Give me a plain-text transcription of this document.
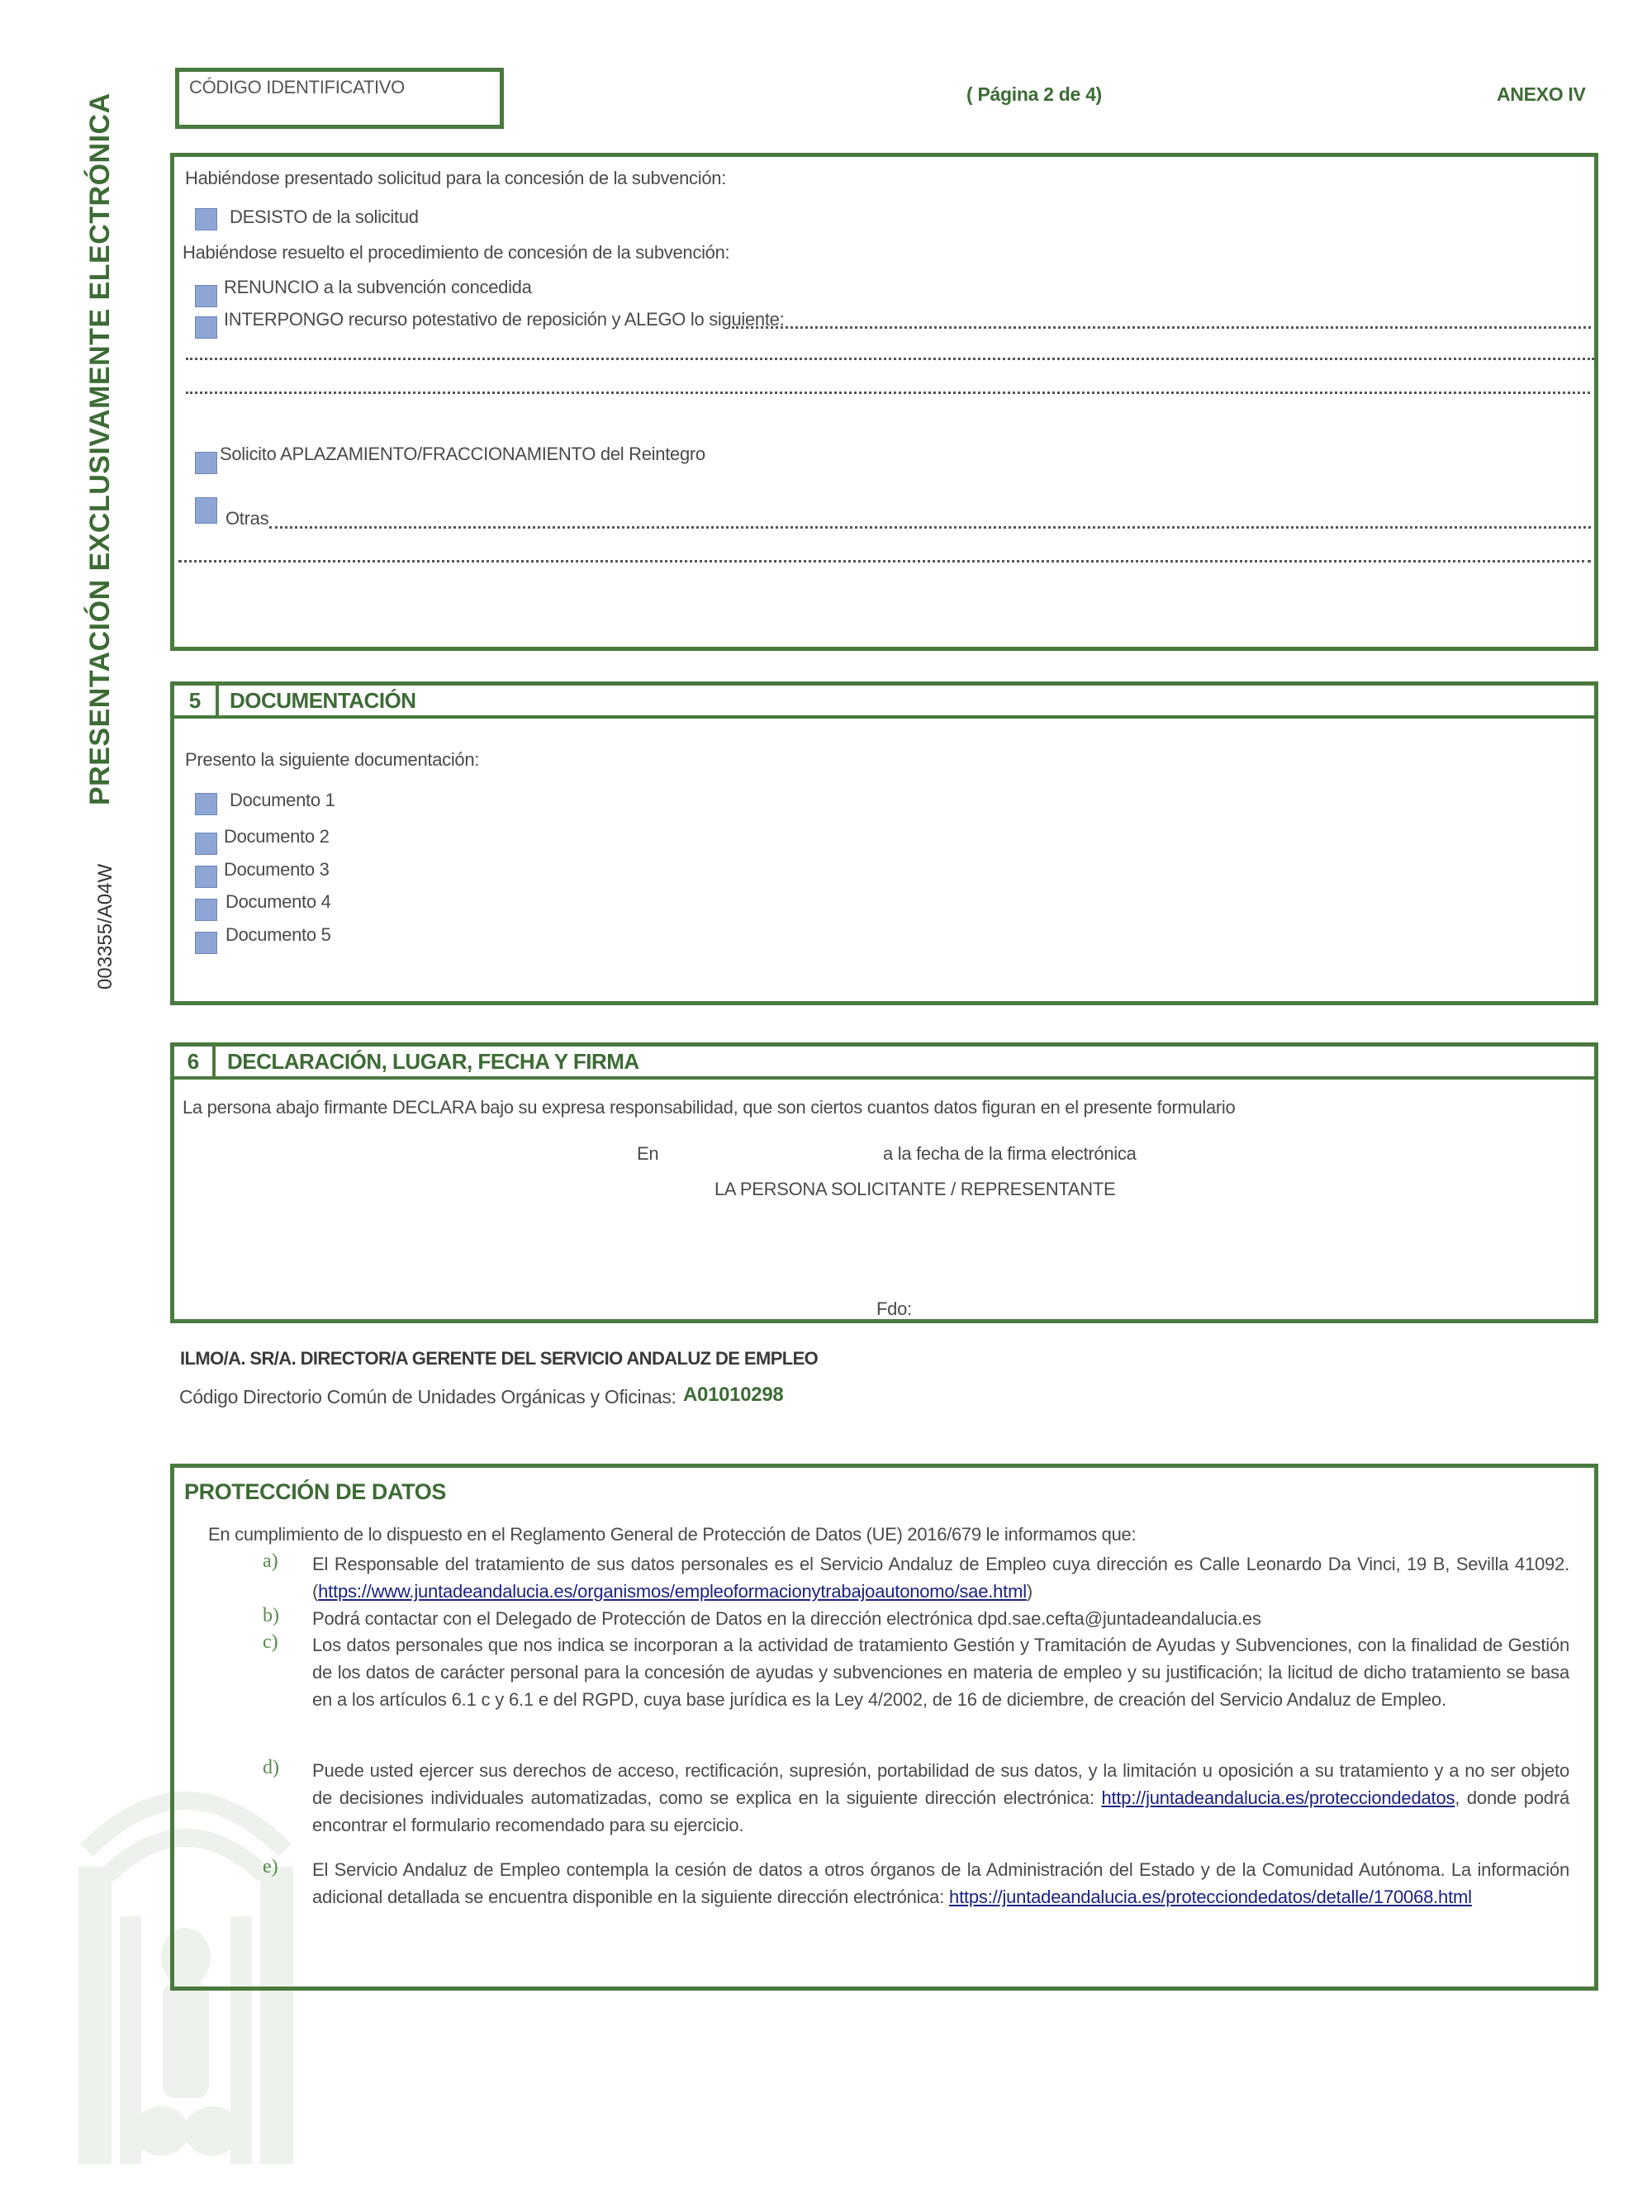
PRESENTACIÓN EXCLUSIVAMENTE ELECTRÓNICA
003355/A04W
CÓDIGO IDENTIFICATIVO	( Página 2 de 4)	ANEXO IV
Habiéndose presentado solicitud para la concesión de la subvención:
DESISTO de la solicitud
Habiéndose resuelto el procedimiento de concesión de la subvención:
RENUNCIO a la subvención concedida
INTERPONGO recurso potestativo de reposición y ALEGO lo siguiente:
Solicito APLAZAMIENTO/FRACCIONAMIENTO del Reintegro
Otras
5	DOCUMENTACIÓN
Presento la siguiente documentación:
Documento 1
Documento 2
Documento 3
Documento 4
Documento 5
6	DECLARACIÓN, LUGAR, FECHA Y FIRMA
La persona abajo firmante DECLARA bajo su expresa responsabilidad, que son ciertos cuantos datos figuran en el presente formulario
En	a la fecha de la firma electrónica
LA PERSONA SOLICITANTE / REPRESENTANTE
Fdo:
ILMO/A. SR/A. DIRECTOR/A GERENTE DEL SERVICIO ANDALUZ DE EMPLEO
Código Directorio Común de Unidades Orgánicas y Oficinas: A01010298
PROTECCIÓN DE DATOS
En cumplimiento de lo dispuesto en el Reglamento General de Protección de Datos (UE) 2016/679 le informamos que:
a) El Responsable del tratamiento de sus datos personales es el Servicio Andaluz de Empleo cuya dirección es Calle Leonardo Da Vinci, 19 B, Sevilla 41092. (https://www.juntadeandalucia.es/organismos/empleoformacionytrabajoautonomo/sae.html)
b) Podrá contactar con el Delegado de Protección de Datos en la dirección electrónica dpd.sae.cefta@juntadeandalucia.es
c) Los datos personales que nos indica se incorporan a la actividad de tratamiento Gestión y Tramitación de Ayudas y Subvenciones, con la finalidad de Gestión de los datos de carácter personal para la concesión de ayudas y subvenciones en materia de empleo y su justificación; la licitud de dicho tratamiento se basa en a los artículos 6.1 c y 6.1 e del RGPD, cuya base jurídica es la Ley 4/2002, de 16 de diciembre, de creación del Servicio Andaluz de Empleo.
d) Puede usted ejercer sus derechos de acceso, rectificación, supresión, portabilidad de sus datos, y la limitación u oposición a su tratamiento y a no ser objeto de decisiones individuales automatizadas, como se explica en la siguiente dirección electrónica: http://juntadeandalucia.es/protecciondedatos, donde podrá encontrar el formulario recomendado para su ejercicio.
e) El Servicio Andaluz de Empleo contempla la cesión de datos a otros órganos de la Administración del Estado y de la Comunidad Autónoma. La información adicional detallada se encuentra disponible en la siguiente dirección electrónica: https://juntadeandalucia.es/protecciondedatos/detalle/170068.html
